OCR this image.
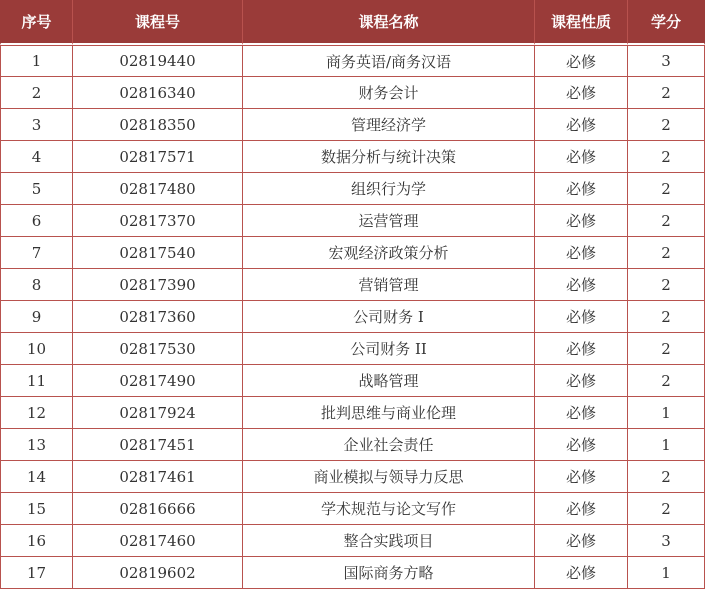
序号	课程号	课程名称	课程性质	学分
1	02819440	商务英语/商务汉语	必修	3
2	02816340	财务会计	必修	2
3	02818350	管理经济学	必修	2
4	02817571	数据分析与统计决策	必修	2
5	02817480	组织行为学	必修	2
6	02817370	运营管理	必修	2
7	02817540	宏观经济政策分析	必修	2
8	02817390	营销管理	必修	2
9	02817360	公司财务 I	必修	2
10	02817530	公司财务 II	必修	2
11	02817490	战略管理	必修	2
12	02817924	批判思维与商业伦理	必修	1
13	02817451	企业社会责任	必修	1
14	02817461	商业模拟与领导力反思	必修	2
15	02816666	学术规范与论文写作	必修	2
16	02817460	整合实践项目	必修	3
17	02819602	国际商务方略	必修	1
